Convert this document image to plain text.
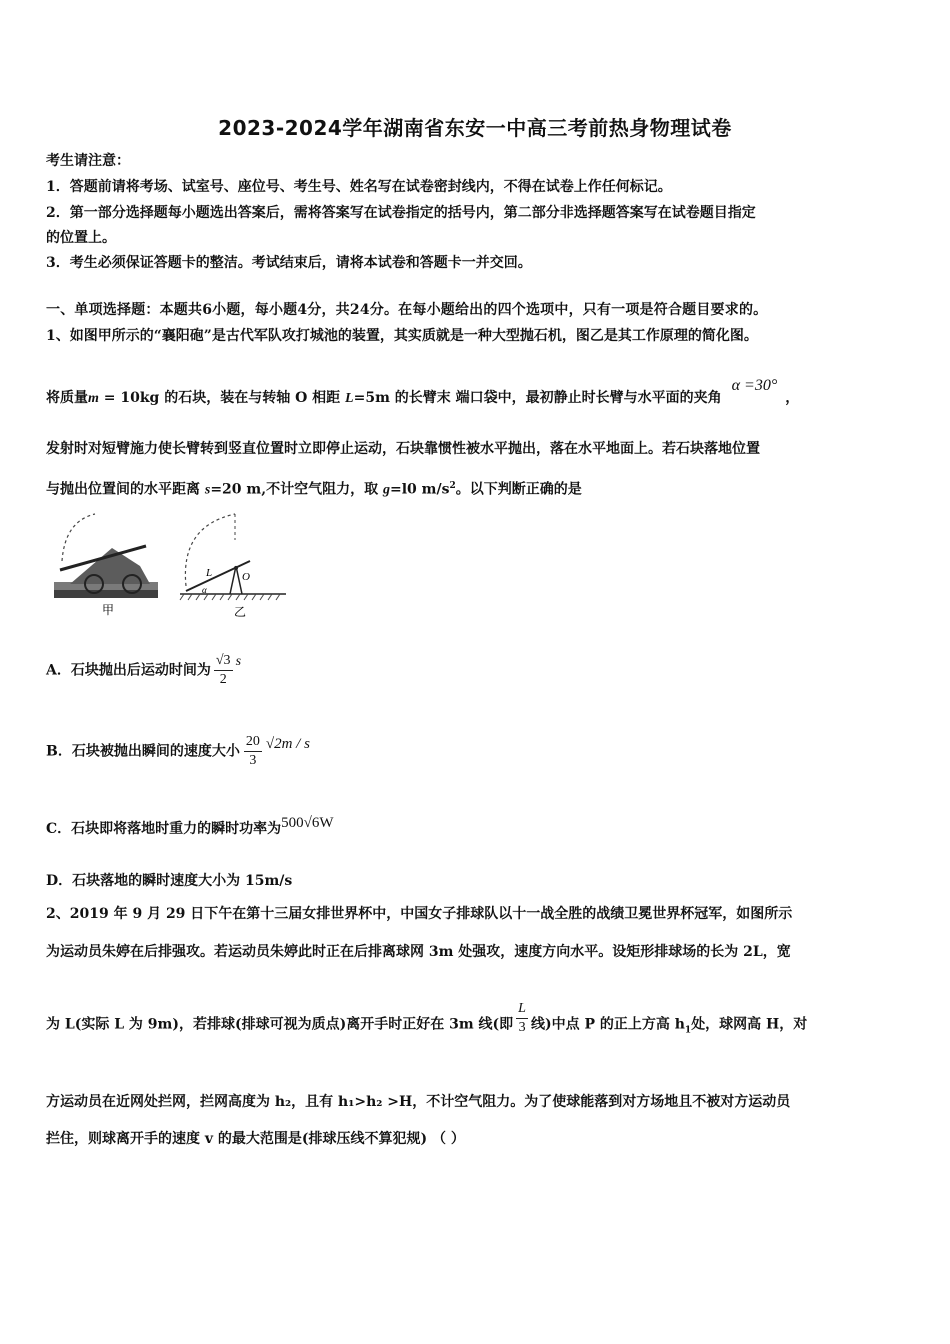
2023-2024学年湖南省东安一中高三考前热身物理试卷
考生请注意：
1．答题前请将考场、试室号、座位号、考生号、姓名写在试卷密封线内，不得在试卷上作任何标记。
2．第一部分选择题每小题选出答案后，需将答案写在试卷指定的括号内，第二部分非选择题答案写在试卷题目指定
的位置上。
3．考生必须保证答题卡的整洁。考试结束后，请将本试卷和答题卡一并交回。
一、单项选择题：本题共6小题，每小题4分，共24分。在每小题给出的四个选项中，只有一项是符合题目要求的。
1、如图甲所示的“襄阳砲”是古代军队攻打城池的装置，其实质就是一种大型抛石机，图乙是其工作原理的简化图。
将质量m = 10kg 的石块，装在与转轴 O 相距 L=5m 的长臂末 端口袋中，最初静止时长臂与水平面的夹角α =30°，
发射时对短臂施力使长臂转到竖直位置时立即停止运动，石块靠惯性被水平抛出，落在水平地面上。若石块落地位置
与抛出位置间的水平距离 s=20 m,不计空气阻力，取 g=l0 $m/s^2$。以下判断正确的是
甲
L	O
α
乙
A．石块抛出后运动时间为 $\frac{√3}{2}$ s
B．石块被抛出瞬间的速度大小 $\frac{20}{3} √2m$ / s
C．石块即将落地时重力的瞬时功率为500√6W
D．石块落地的瞬时速度大小为 15m/s
2、2019 年 9 月 29 日下午在第十三届女排世界杯中，中国女子排球队以十一战全胜的战绩卫冕世界杯冠军，如图所示
为运动员朱婷在后排强攻。若运动员朱婷此时正在后排离球网 3m 处强攻，速度方向水平。设矩形排球场的长为 2L，宽
为 L(实际 L 为 9m)，若排球(排球可视为质点)离开手时正好在 3m 线(即 $\frac{L}{3}$ 线)中点 P 的正上方高 $h_1$处，球网高 H，对
方运动员在近网处拦网，拦网高度为 h₂，且有 h₁>h₂ >H，不计空气阻力。为了使球能落到对方场地且不被对方运动员
拦住，则球离开手的速度 v 的最大范围是(排球压线不算犯规) （ ）
